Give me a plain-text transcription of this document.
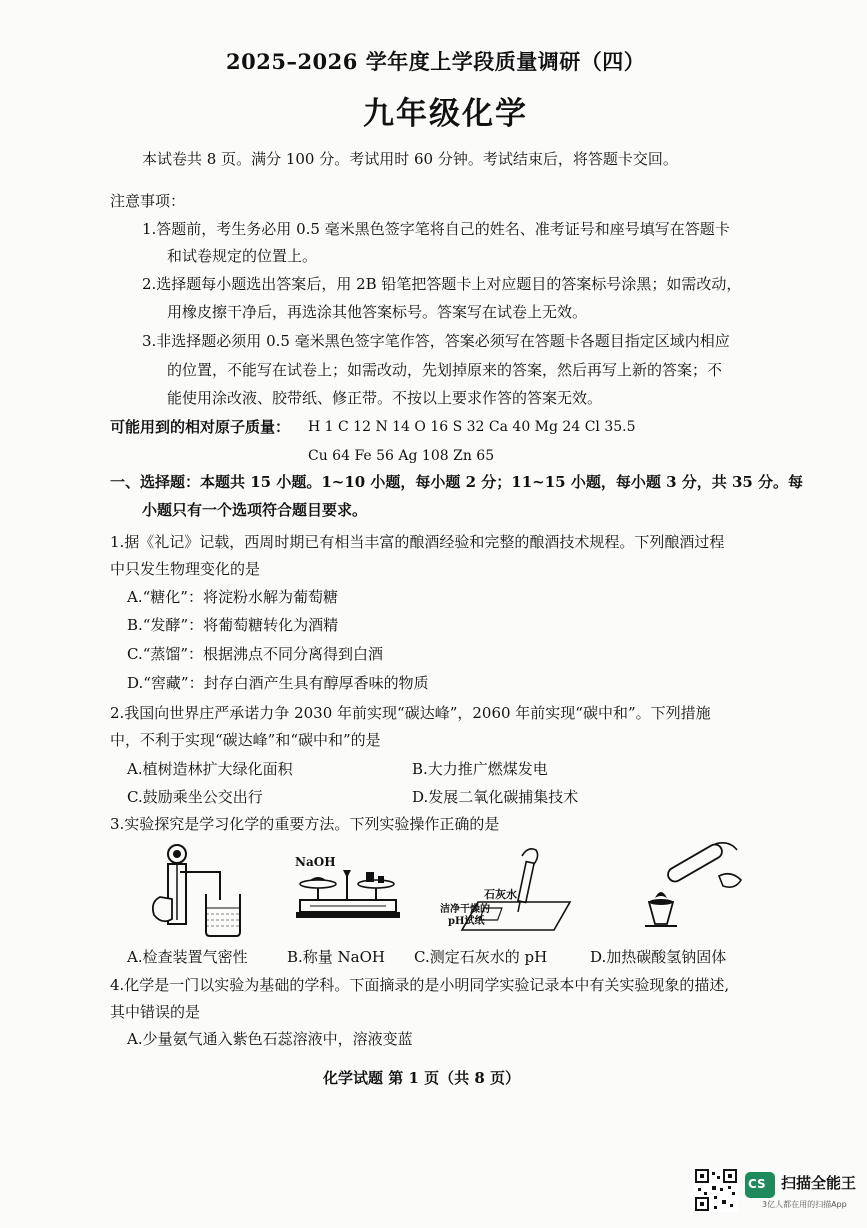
2025–2026 学年度上学段质量调研（四）
九年级化学
本试卷共 8 页。满分 100 分。考试用时 60 分钟。考试结束后，将答题卡交回。
注意事项：
1.答题前，考生务必用 0.5 毫米黑色签字笔将自己的姓名、准考证号和座号填写在答题卡
和试卷规定的位置上。
2.选择题每小题选出答案后，用 2B 铅笔把答题卡上对应题目的答案标号涂黑；如需改动，
用橡皮擦干净后，再选涂其他答案标号。答案写在试卷上无效。
3.非选择题必须用 0.5 毫米黑色签字笔作答，答案必须写在答题卡各题目指定区域内相应
的位置，不能写在试卷上；如需改动，先划掉原来的答案，然后再写上新的答案；不
能使用涂改液、胶带纸、修正带。不按以上要求作答的答案无效。
可能用到的相对原子质量： H 1 C 12 N 14 O 16 S 32 Ca 40 Mg 24 Cl 35.5
Cu 64 Fe 56 Ag 108 Zn 65
一、选择题：本题共 15 小题。1~10 小题，每小题 2 分；11~15 小题，每小题 3 分，共 35 分。每
小题只有一个选项符合题目要求。
1.据《礼记》记载，西周时期已有相当丰富的酿酒经验和完整的酿酒技术规程。下列酿酒过程
中只发生物理变化的是
A.“糖化”：将淀粉水解为葡萄糖
B.“发酵”：将葡萄糖转化为酒精
C.“蒸馏”：根据沸点不同分离得到白酒
D.“窖藏”：封存白酒产生具有醇厚香味的物质
2.我国向世界庄严承诺力争 2030 年前实现“碳达峰”，2060 年前实现“碳中和”。下列措施
中，不利于实现“碳达峰”和“碳中和”的是
A.植树造林扩大绿化面积	B.大力推广燃煤发电
C.鼓励乘坐公交出行	D.发展二氧化碳捕集技术
3.实验探究是学习化学的重要方法。下列实验操作正确的是
NaOH
石灰水
洁净干燥的
pH试纸
A.检查装置气密性	B.称量 NaOH C.测定石灰水的 pH	D.加热碳酸氢钠固体
4.化学是一门以实验为基础的学科。下面摘录的是小明同学实验记录本中有关实验现象的描述,
其中错误的是
A.少量氨气通入紫色石蕊溶液中，溶液变蓝
化学试题 第 1 页（共 8 页）
CS 扫描全能王
3亿人都在用的扫描App
